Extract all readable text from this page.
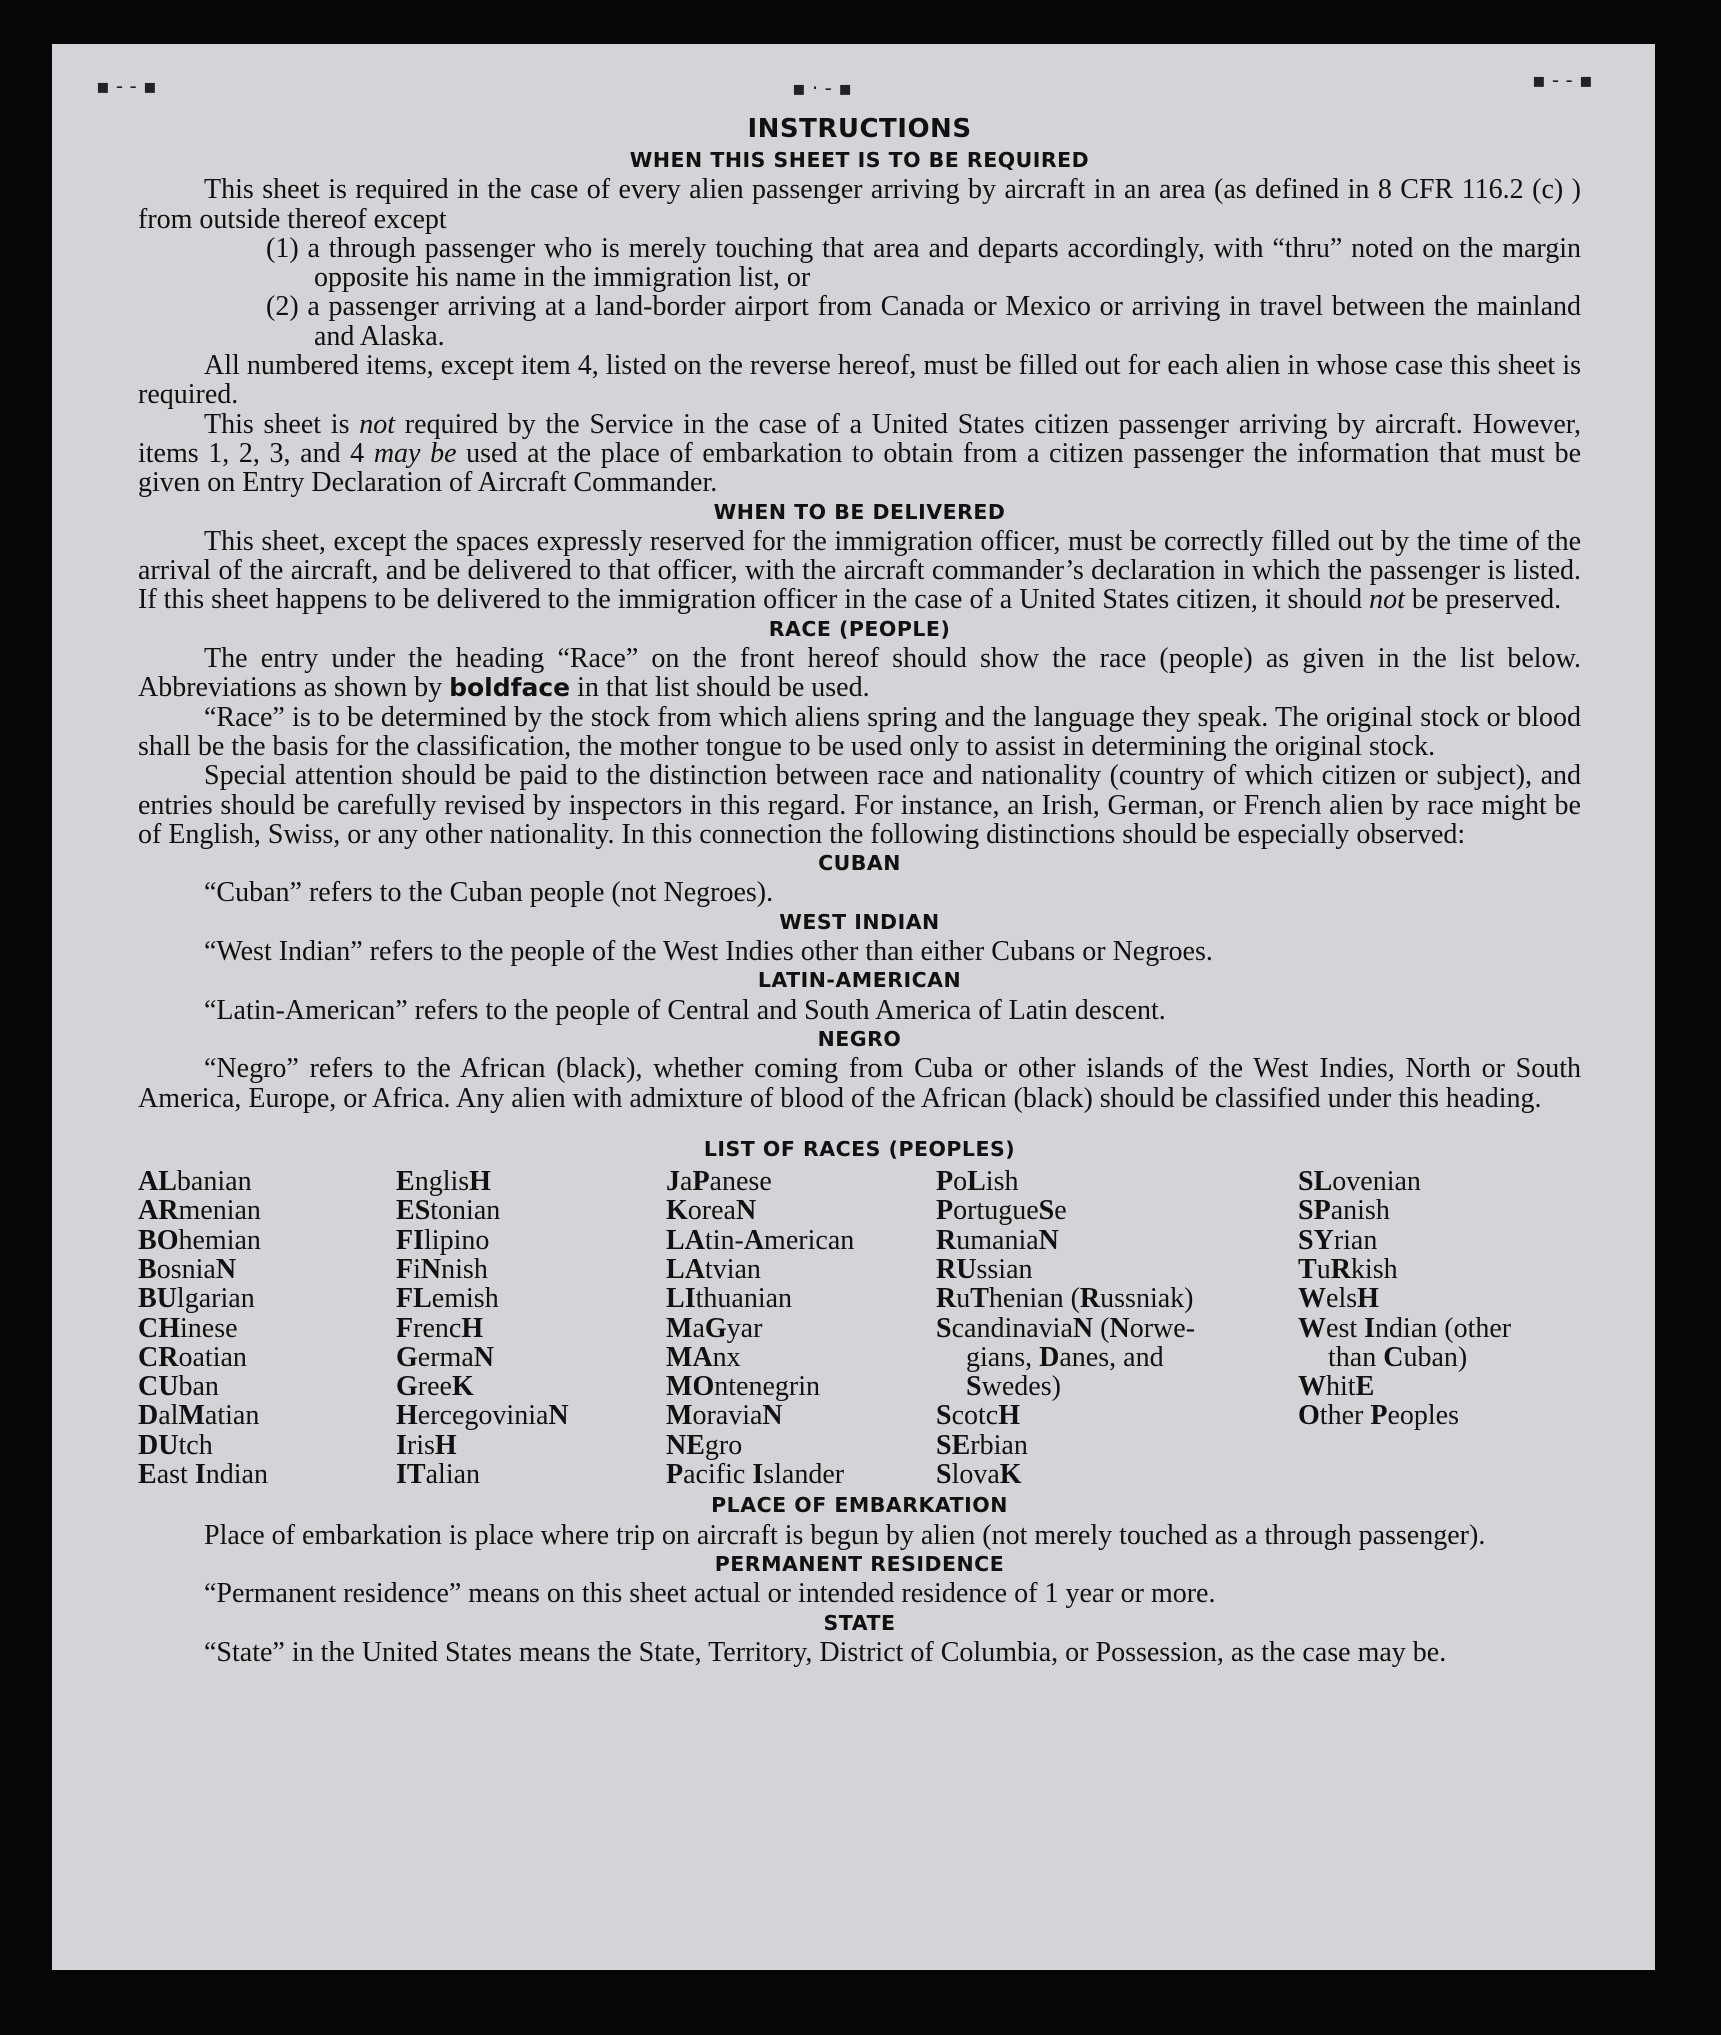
▪ ‐ ‐ ▪	▪ · ‐ ▪	▪ ‐ ‐ ▪
INSTRUCTIONS
WHEN THIS SHEET IS TO BE REQUIRED

This sheet is required in the case of every alien passenger arriving by aircraft in an area (as defined in 8 CFR 116.2 (c) ) from outside thereof except

(1) a through passenger who is merely touching that area and departs accordingly, with “thru” noted on the margin opposite his name in the immigration list, or

(2) a passenger arriving at a land-border airport from Canada or Mexico or arriving in travel between the mainland and Alaska.

All numbered items, except item 4, listed on the reverse hereof, must be filled out for each alien in whose case this sheet is required.

This sheet is not required by the Service in the case of a United States citizen passenger arriving by aircraft. However, items 1, 2, 3, and 4 may be used at the place of embarkation to obtain from a citizen passenger the information that must be given on Entry Declaration of Aircraft Commander.

WHEN TO BE DELIVERED

This sheet, except the spaces expressly reserved for the immigration officer, must be correctly filled out by the time of the arrival of the aircraft, and be delivered to that officer, with the aircraft commander’s declaration in which the passenger is listed. If this sheet happens to be delivered to the immigration officer in the case of a United States citizen, it should not be preserved.

RACE (PEOPLE)

The entry under the heading “Race” on the front hereof should show the race (people) as given in the list below. Abbreviations as shown by boldface in that list should be used.

“Race” is to be determined by the stock from which aliens spring and the language they speak. The original stock or blood shall be the basis for the classification, the mother tongue to be used only to assist in determining the original stock.

Special attention should be paid to the distinction between race and nationality (country of which citizen or subject), and entries should be carefully revised by inspectors in this regard. For instance, an Irish, German, or French alien by race might be of English, Swiss, or any other nationality. In this connection the following distinctions should be especially observed:

CUBAN

“Cuban” refers to the Cuban people (not Negroes).

WEST INDIAN

“West Indian” refers to the people of the West Indies other than either Cubans or Negroes.

LATIN-AMERICAN

“Latin-American” refers to the people of Central and South America of Latin descent.

NEGRO

“Negro” refers to the African (black), whether coming from Cuba or other islands of the West Indies, North or South America, Europe, or Africa. Any alien with admixture of blood of the African (black) should be classified under this heading.

LIST OF RACES (PEOPLES)
ALbanian
ARmenian
BOhemian
BosniaN
BUlgarian
CHinese
CRoatian
CUban
DalMatian
DUtch
East Indian
EnglisH
EStonian
FIlipino
FiNnish
FLemish
FrencH
GermaN
GreeK
HercegoviniaN
IrisH
ITalian
JaPanese
KoreaN
LAtin-American
LAtvian
LIthuanian
MaGyar
MAnx
MOntenegrin
MoraviaN
NEgro
Pacific Islander
PoLish
PortugueSe
RumaniaN
RUssian
RuThenian (Russniak)
ScandinaviaN (Norwe-
gians, Danes, and
Swedes)
ScotcH
SErbian
SlovaK
SLovenian
SPanish
SYrian
TuRkish
WelsH
West Indian (other
than Cuban)
WhitE
Other Peoples
PLACE OF EMBARKATION

Place of embarkation is place where trip on aircraft is begun by alien (not merely touched as a through passenger).

PERMANENT RESIDENCE

“Permanent residence” means on this sheet actual or intended residence of 1 year or more.

STATE

“State” in the United States means the State, Territory, District of Columbia, or Possession, as the case may be.
